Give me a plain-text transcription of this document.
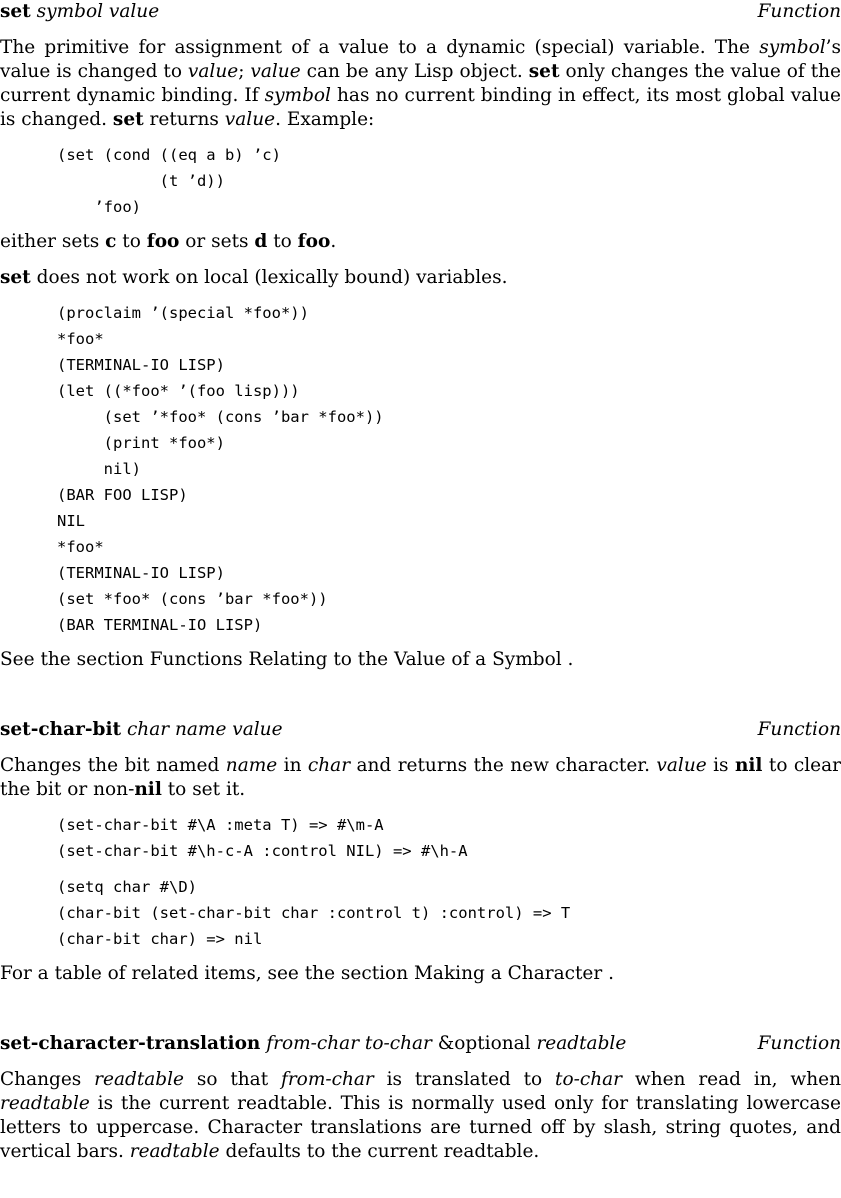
set symbol value	Function

The primitive for assignment of a value to a dynamic (special) variable. The symbol’s value is changed to value; value can be any Lisp object. set only changes the value of the current dynamic binding. If symbol has no current binding in effect, its most global value is changed. set returns value. Example:

(set (cond ((eq a b) ’c)
(t ’d))
’foo)

either sets c to foo or sets d to foo.

set does not work on local (lexically bound) variables.

(proclaim ’(special *foo*))
*foo*
(TERMINAL-IO LISP)
(let ((*foo* ’(foo lisp)))
(set ’*foo* (cons ’bar *foo*))
(print *foo*)
nil)
(BAR FOO LISP)
NIL
*foo*
(TERMINAL-IO LISP)
(set *foo* (cons ’bar *foo*))
(BAR TERMINAL-IO LISP)

See the section Functions Relating to the Value of a Symbol .

set-char-bit char name value	Function

Changes the bit named name in char and returns the new character. value is nil to clear the bit or non-nil to set it.

(set-char-bit #\A :meta T) => #\m-A
(set-char-bit #\h-c-A :control NIL) => #\h-A
(setq char #\D)
(char-bit (set-char-bit char :control t) :control) => T
(char-bit char) => nil

For a table of related items, see the section Making a Character .

set-character-translation from-char to-char &optional readtable	Function

Changes readtable so that from-char is translated to to-char when read in, when readtable is the current readtable. This is normally used only for translating lowercase letters to uppercase. Character translations are turned off by slash, string quotes, and vertical bars. readtable defaults to the current readtable.
